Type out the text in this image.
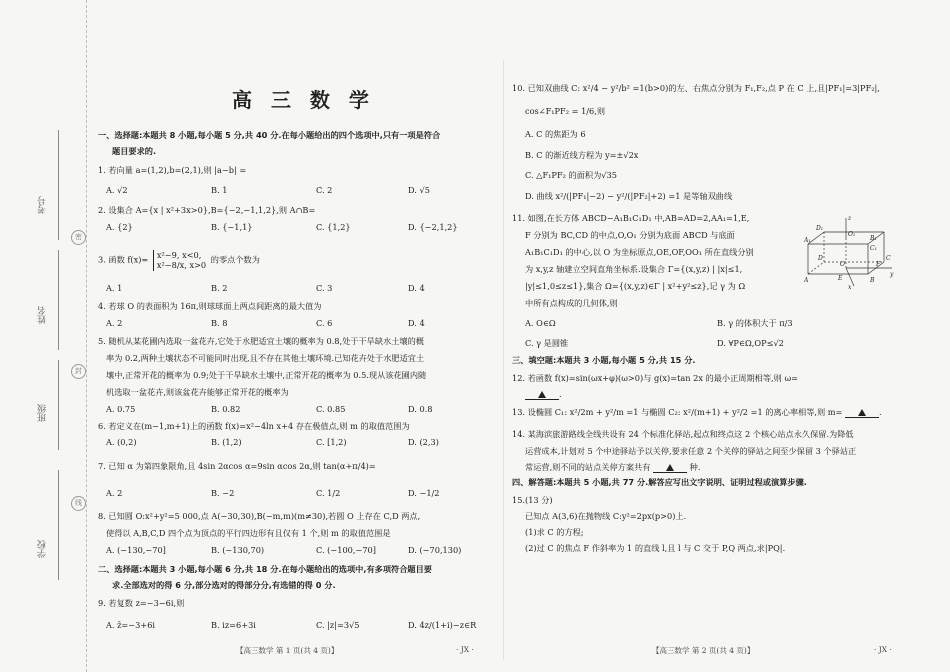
考号
姓名
班级
学校
密
封
线
高 三 数 学
一、选择题:本题共 8 小题,每小题 5 分,共 40 分.在每小题给出的四个选项中,只有一项是符合
题目要求的.
1. 若向量 a=(1,2),b=(2,1),则 |a−b| =
A. √2	B. 1	C. 2	D. √5
2. 设集合 A={x | x²+3x>0},B={−2,−1,1,2},则 A∩B=
A. {2}	B. {−1,1}	C. {1,2}	D. {−2,1,2}
3. 函数 f(x)= x²−9, x<0,
x²−8/x, x>0
的零点个数为
A. 1	B. 2	C. 3	D. 4
4. 若球 O 的表面积为 16π,则球球面上两点间距离的最大值为
A. 2	B. 8	C. 6	D. 4
5. 随机从某花圃内选取一盆花卉,它处于水肥适宜土壤的概率为 0.8,处于干旱缺水土壤的概
率为 0.2,两种土壤状态不可能同时出现,且不存在其他土壤环境.已知花卉处于水肥适宜土
壤中,正常开花的概率为 0.9;处于干旱缺水土壤中,正常开花的概率为 0.5.现从该花圃内随
机选取一盆花卉,则该盆花卉能够正常开花的概率为
A. 0.75	B. 0.82	C. 0.85	D. 0.8
6. 若定义在(m−1,m+1)上的函数 f(x)=x²−4ln x+4 存在极值点,则 m 的取值范围为
A. (0,2)	B. (1,2)	C. [1,2)	D. (2,3)
7. 已知 α 为第四象限角,且 4sin 2αcos α=9sin αcos 2α,则 tan(α+π/4)=
A. 2	B. −2	C. 1/2	D. −1/2
8. 已知圆 O:x²+y²=5 000,点 A(−30,30),B(−m,m)(m≠30),若圆 O 上存在 C,D 两点,
使得以 A,B,C,D 四个点为顶点的平行四边形有且仅有 1 个,则 m 的取值范围是
A. (−130,−70]	B. (−130,70)	C. (−100,−70]	D. (−70,130)
二、选择题:本题共 3 小题,每小题 6 分,共 18 分.在每小题给出的选项中,有多项符合题目要
求.全部选对的得 6 分,部分选对的得部分分,有选错的得 0 分.
9. 若复数 z=−3−6i,则
A. z̄=−3+6i	B. iz=6+3i	C. |z|=3√5	D. 4z/(1+i)−z∈R
【高三数学 第 1 页(共 4 页)】	· JX ·
10. 已知双曲线 C: x²/4 − y²/b² =1(b>0)的左、右焦点分别为 F₁,F₂,点 P 在 C 上,且|PF₁|=3|PF₂|,
cos∠F₁PF₂ = 1/6,则
A. C 的焦距为 6
B. C 的渐近线方程为 y=±√2x
C. △F₁PF₂ 的面积为√35
D. 曲线 x²/(|PF₁|−2) − y²/(|PF₂|+2) =1 是等轴双曲线
11. 如图,在长方体 ABCD−A₁B₁C₁D₁ 中,AB=AD=2,AA₁=1,E,
F 分别为 BC,CD 的中点,O,O₁ 分别为底面 ABCD 与底面
A₁B₁C₁D₁ 的中心,以 O 为坐标原点,OE,OF,OO₁ 所在直线分别
为 x,y,z 轴建立空间直角坐标系.设集合 Γ={(x,y,z) | |x|≤1,
|y|≤1,0≤z≤1},集合 Ω={(x,y,z)∈Γ | x²+y²≤z},记 γ 为 Ω
中所有点构成的几何体,则
D₁
O₁
C₁
A₁	B₁
z
D
F
C
O
A	E	B
x
y
A. O∈Ω	B. γ 的体积大于 π/3
C. γ 是圆锥	D. ∀P∈Ω,OP≤√2
三、填空题:本题共 3 小题,每小题 5 分,共 15 分.
12. 若函数 f(x)=sin(ωx+φ)(ω>0)与 g(x)=tan 2x 的最小正周期相等,则 ω=
.
13. 设椭圆 C₁: x²/2m + y²/m =1 与椭圆 C₂: x²/(m+1) + y²/2 =1 的离心率相等,则 m=	.
14. 某海滨旅游路线全线共设有 24 个标准化驿站,起点和终点这 2 个核心站点永久保留.为降低
运营成本,计划对 5 个中途驿站予以关停,要求任意 2 个关停的驿站之间至少保留 3 个驿站正
常运营,则不同的站点关停方案共有	种.
四、解答题:本题共 5 小题,共 77 分.解答应写出文字说明、证明过程或演算步骤.
15.(13 分)
已知点 A(3,6)在抛物线 C:y²=2px(p>0)上.
(1)求 C 的方程;
(2)过 C 的焦点 F 作斜率为 1 的直线 l,且 l 与 C 交于 P,Q 两点,求|PQ|.
【高三数学 第 2 页(共 4 页)】	· JX ·
